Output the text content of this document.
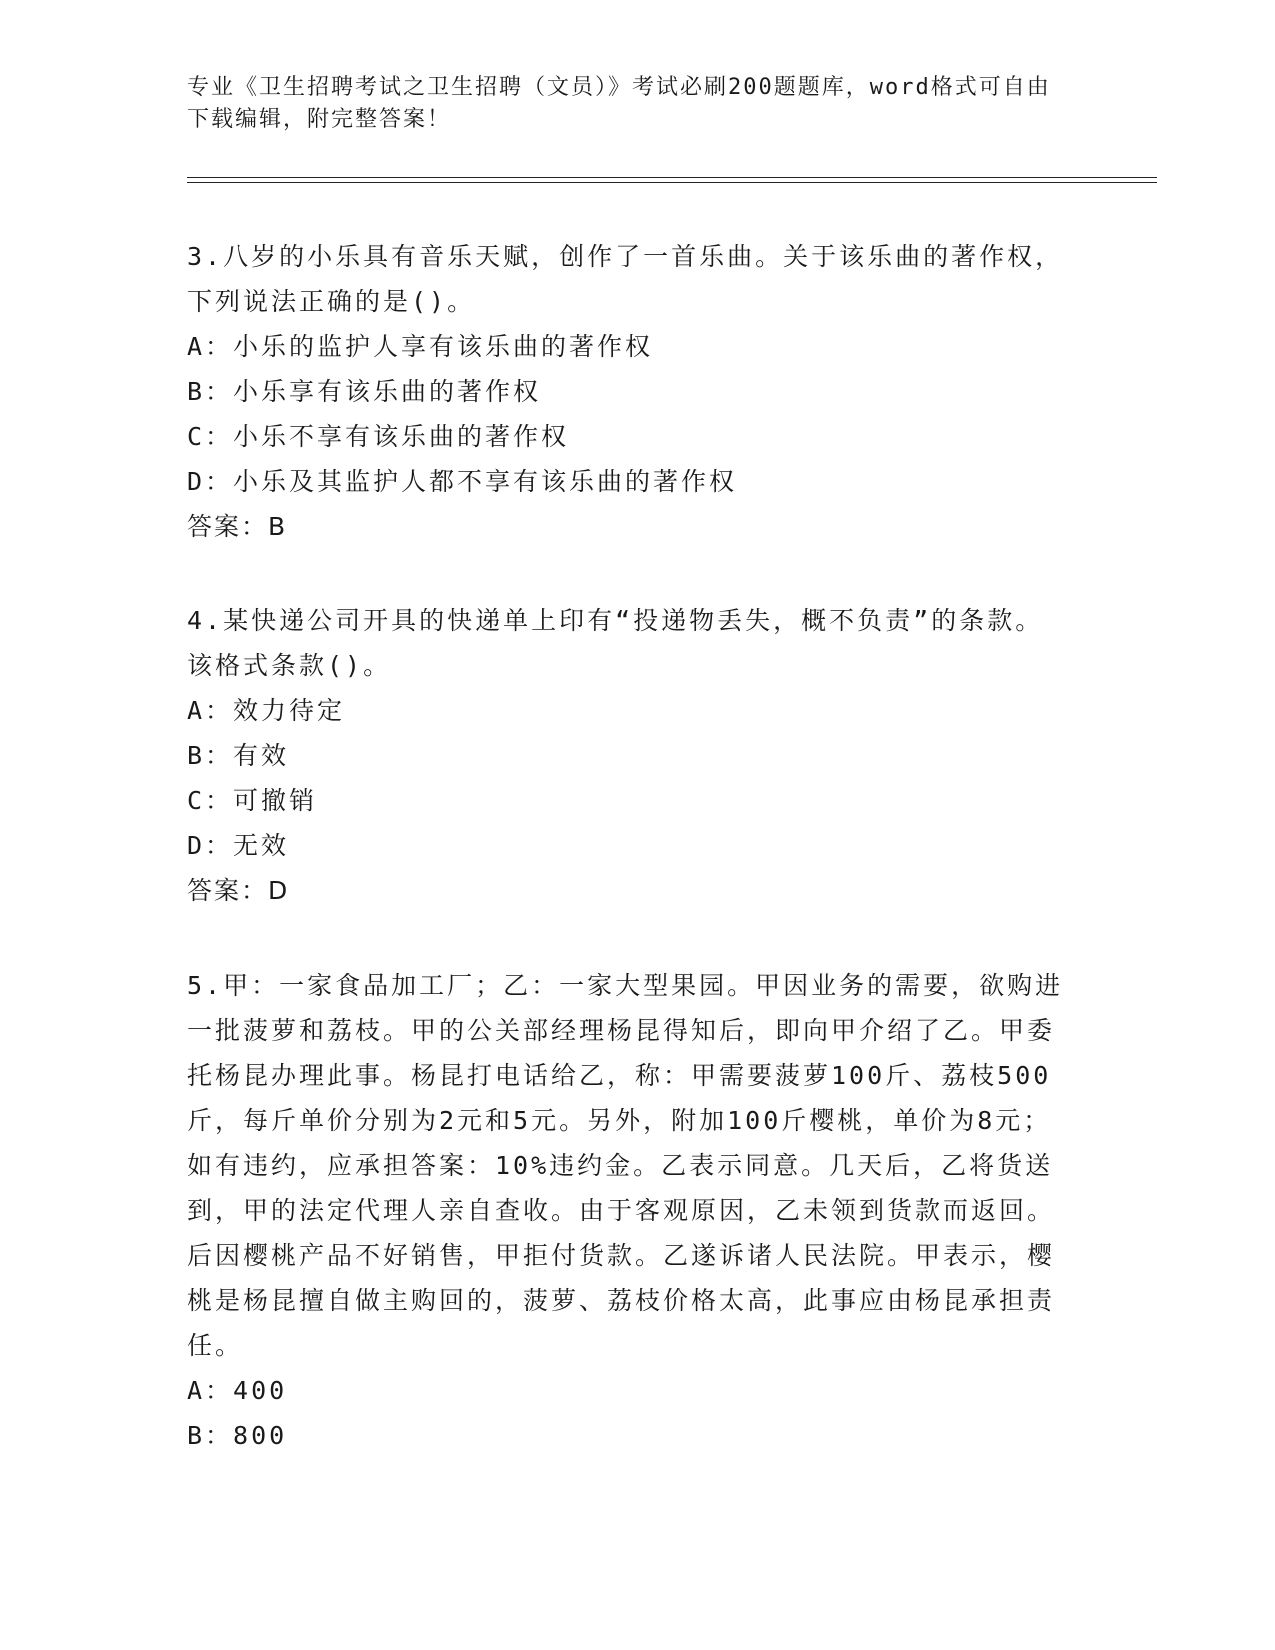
专业《卫生招聘考试之卫生招聘（文员）》考试必刷200题题库，word格式可自由下载编辑，附完整答案！

3.八岁的小乐具有音乐天赋，创作了一首乐曲。关于该乐曲的著作权，下列说法正确的是()。

A：小乐的监护人享有该乐曲的著作权

B：小乐享有该乐曲的著作权

C：小乐不享有该乐曲的著作权

D：小乐及其监护人都不享有该乐曲的著作权

答案：B

4.某快递公司开具的快递单上印有“投递物丢失，概不负责”的条款。该格式条款()。

A：效力待定

B：有效

C：可撤销

D：无效

答案：D

5.甲：一家食品加工厂；乙：一家大型果园。甲因业务的需要，欲购进一批菠萝和荔枝。甲的公关部经理杨昆得知后，即向甲介绍了乙。甲委托杨昆办理此事。杨昆打电话给乙，称：甲需要菠萝100斤、荔枝500斤，每斤单价分别为2元和5元。另外，附加100斤樱桃，单价为8元；如有违约，应承担答案：10%违约金。乙表示同意。几天后，乙将货送到，甲的法定代理人亲自查收。由于客观原因，乙未领到货款而返回。后因樱桃产品不好销售，甲拒付货款。乙遂诉诸人民法院。甲表示，樱桃是杨昆擅自做主购回的，菠萝、荔枝价格太高，此事应由杨昆承担责任。

A：400

B：800
